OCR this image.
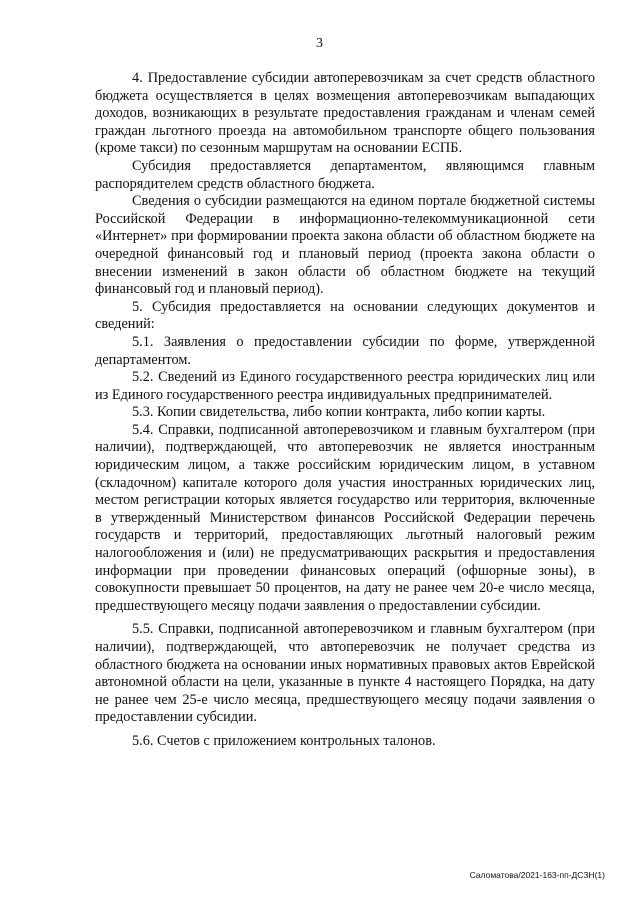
3

4. Предоставление субсидии автоперевозчикам за счет средств областного бюджета осуществляется в целях возмещения автоперевозчикам выпадающих доходов, возникающих в результате предоставления гражданам и членам семей граждан льготного проезда на автомобильном транспорте общего пользования (кроме такси) по сезонным маршрутам на основании ЕСПБ.

Субсидия предоставляется департаментом, являющимся главным распорядителем средств областного бюджета.

Сведения о субсидии размещаются на едином портале бюджетной системы Российской Федерации в информационно-телекоммуникационной сети «Интернет» при формировании проекта закона области об областном бюджете на очередной финансовый год и плановый период (проекта закона области о внесении изменений в закон области об областном бюджете на текущий финансовый год и плановый период).

5. Субсидия предоставляется на основании следующих документов и сведений:

5.1. Заявления о предоставлении субсидии по форме, утвержденной департаментом.

5.2. Сведений из Единого государственного реестра юридических лиц или из Единого государственного реестра индивидуальных предпринимателей.

5.3. Копии свидетельства, либо копии контракта, либо копии карты.

5.4. Справки, подписанной автоперевозчиком и главным бухгалтером (при наличии), подтверждающей, что автоперевозчик не является иностранным юридическим лицом, а также российским юридическим лицом, в уставном (складочном) капитале которого доля участия иностранных юридических лиц, местом регистрации которых является государство или территория, включенные в утвержденный Министерством финансов Российской Федерации перечень государств и территорий, предоставляющих льготный налоговый режим налогообложения и (или) не предусматривающих раскрытия и предоставления информации при проведении финансовых операций (офшорные зоны), в совокупности превышает 50 процентов, на дату не ранее чем 20-е число месяца, предшествующего месяцу подачи заявления о предоставлении субсидии.

5.5. Справки, подписанной автоперевозчиком и главным бухгалтером (при наличии), подтверждающей, что автоперевозчик не получает средства из областного бюджета на основании иных нормативных правовых актов Еврейской автономной области на цели, указанные в пункте 4 настоящего Порядка, на дату не ранее чем 25-е число месяца, предшествующего месяцу подачи заявления о предоставлении субсидии.

5.6. Счетов с приложением контрольных талонов.

Саломатова/2021-163-пп-ДСЗН(1)
